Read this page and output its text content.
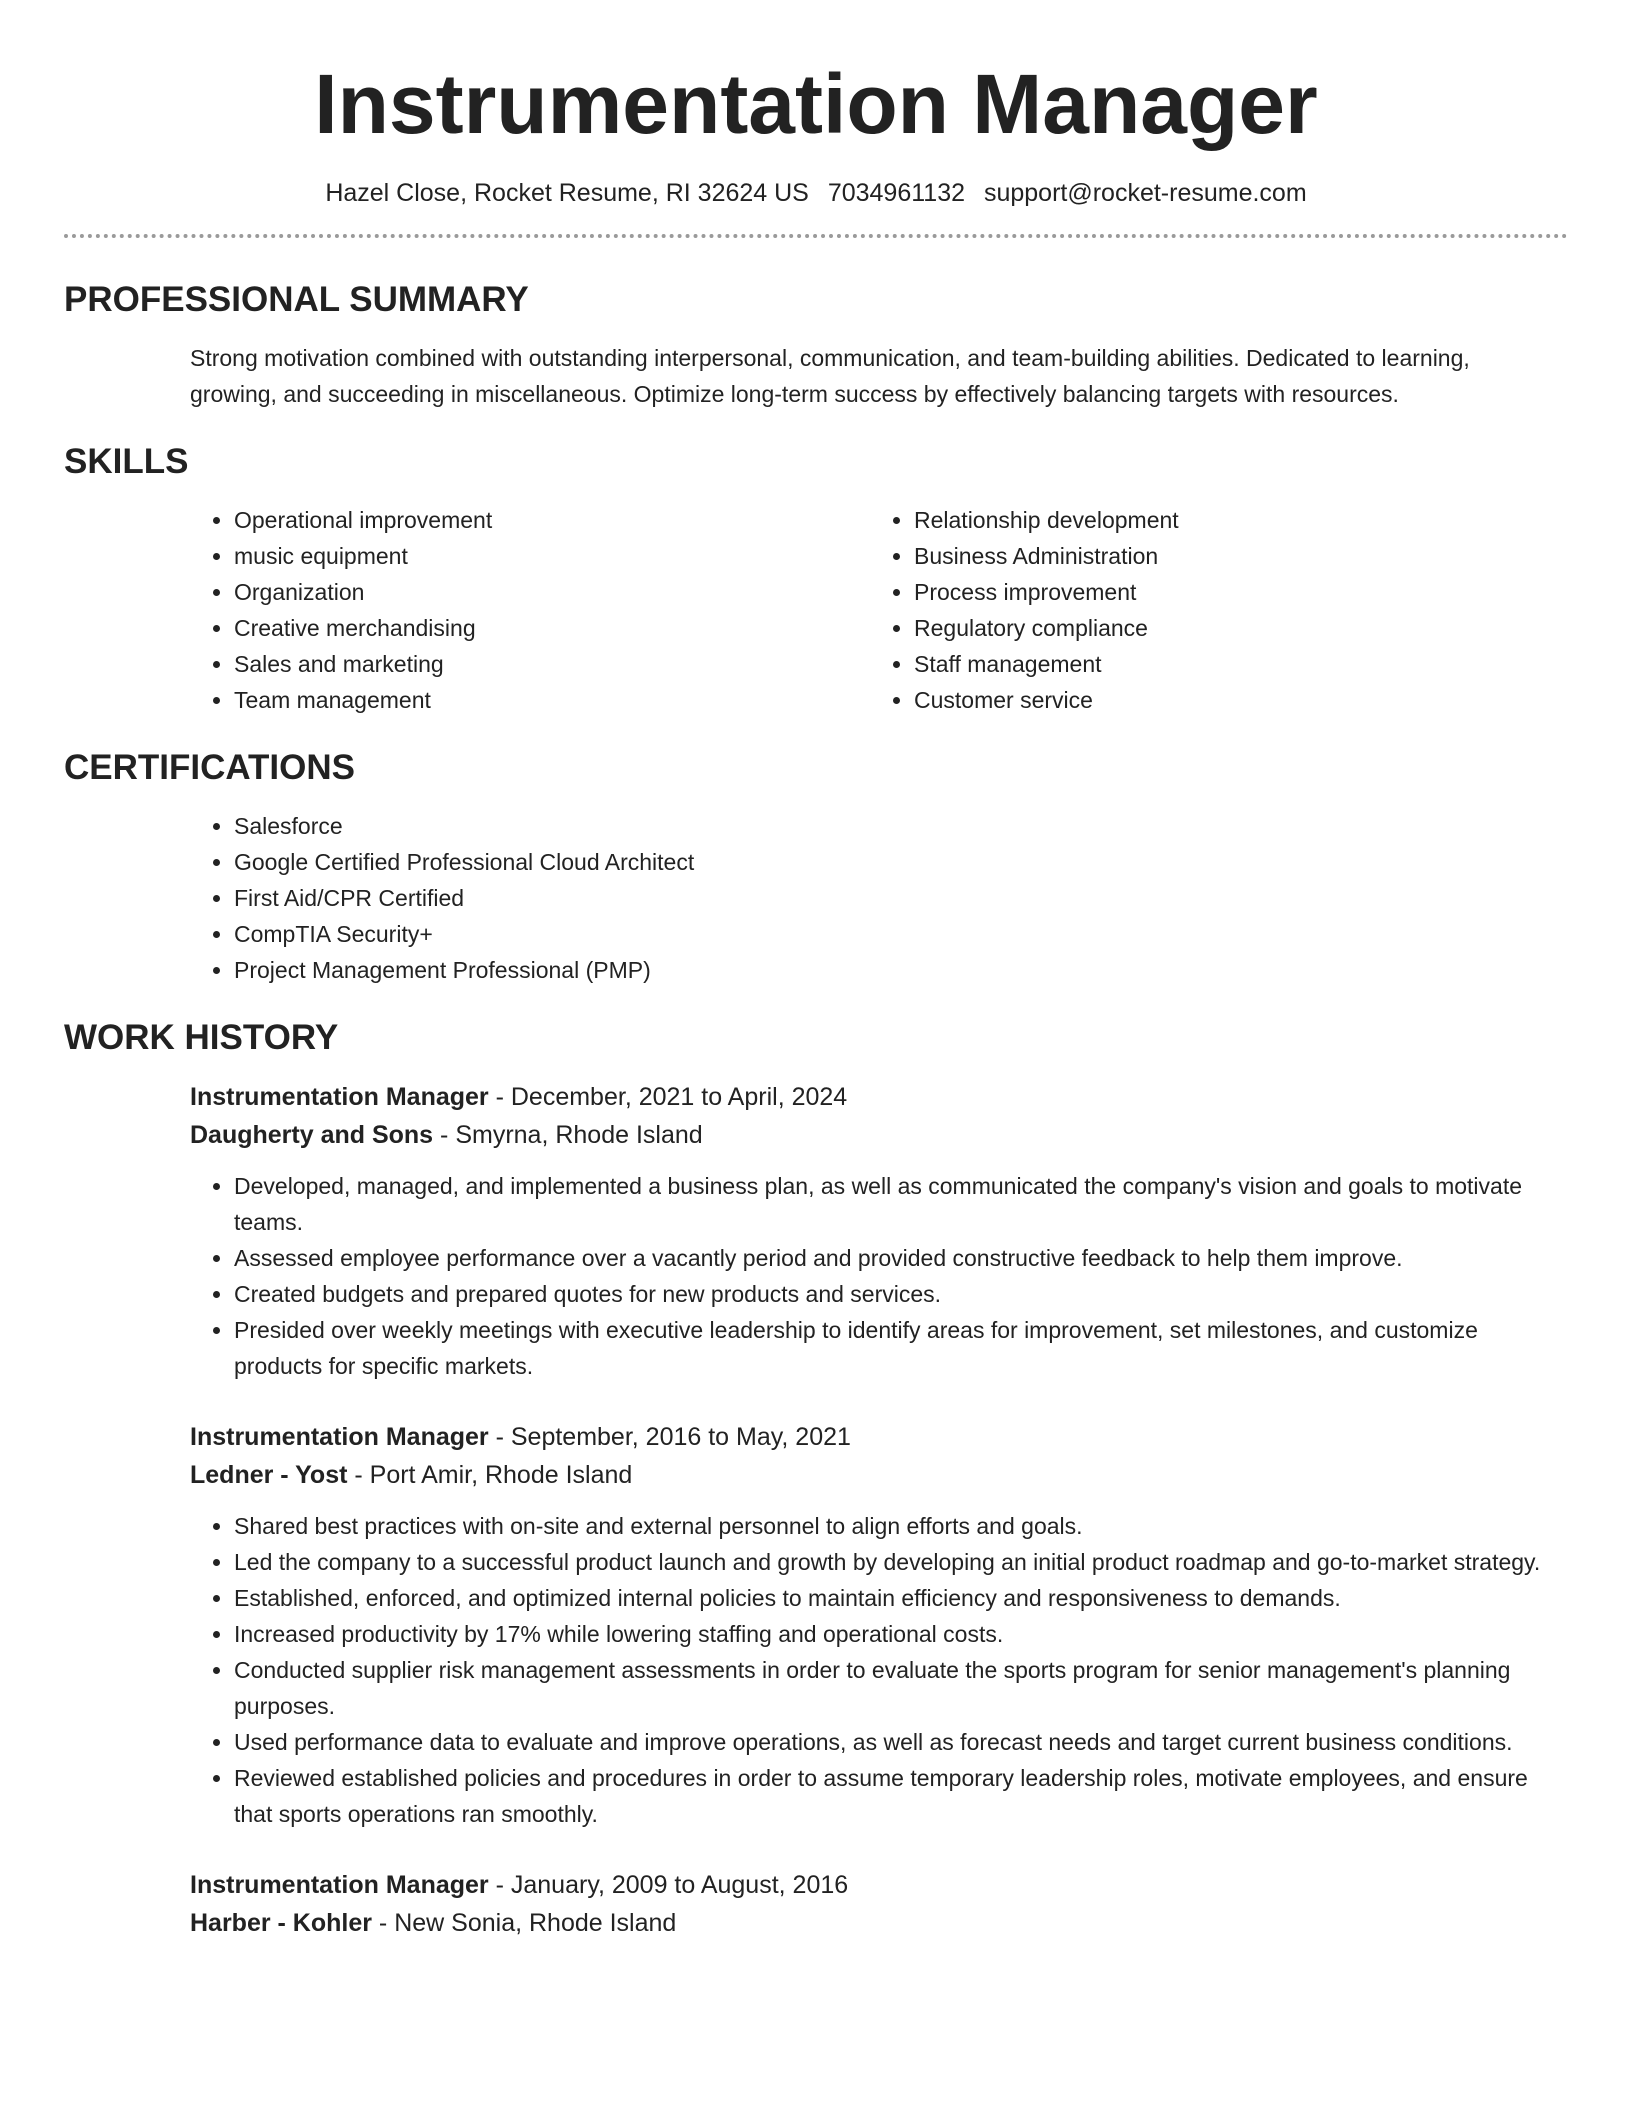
Instrumentation Manager
Hazel Close, Rocket Resume, RI 32624 US 7034961132 support@rocket-resume.com
PROFESSIONAL SUMMARY
Strong motivation combined with outstanding interpersonal, communication, and team-building abilities. Dedicated to learning, growing, and succeeding in miscellaneous. Optimize long-term success by effectively balancing targets with resources.
SKILLS
• Operational improvement
• music equipment
• Organization
• Creative merchandising
• Sales and marketing
• Team management
• Relationship development
• Business Administration
• Process improvement
• Regulatory compliance
• Staff management
• Customer service
CERTIFICATIONS
• Salesforce
• Google Certified Professional Cloud Architect
• First Aid/CPR Certified
• CompTIA Security+
• Project Management Professional (PMP)
WORK HISTORY
Instrumentation Manager - December, 2021 to April, 2024
Daugherty and Sons - Smyrna, Rhode Island
• Developed, managed, and implemented a business plan, as well as communicated the company's vision and goals to motivate teams.
• Assessed employee performance over a vacantly period and provided constructive feedback to help them improve.
• Created budgets and prepared quotes for new products and services.
• Presided over weekly meetings with executive leadership to identify areas for improvement, set milestones, and customize products for specific markets.
Instrumentation Manager - September, 2016 to May, 2021
Ledner - Yost - Port Amir, Rhode Island
• Shared best practices with on-site and external personnel to align efforts and goals.
• Led the company to a successful product launch and growth by developing an initial product roadmap and go-to-market strategy.
• Established, enforced, and optimized internal policies to maintain efficiency and responsiveness to demands.
• Increased productivity by 17% while lowering staffing and operational costs.
• Conducted supplier risk management assessments in order to evaluate the sports program for senior management's planning purposes.
• Used performance data to evaluate and improve operations, as well as forecast needs and target current business conditions.
• Reviewed established policies and procedures in order to assume temporary leadership roles, motivate employees, and ensure that sports operations ran smoothly.
Instrumentation Manager - January, 2009 to August, 2016
Harber - Kohler - New Sonia, Rhode Island
